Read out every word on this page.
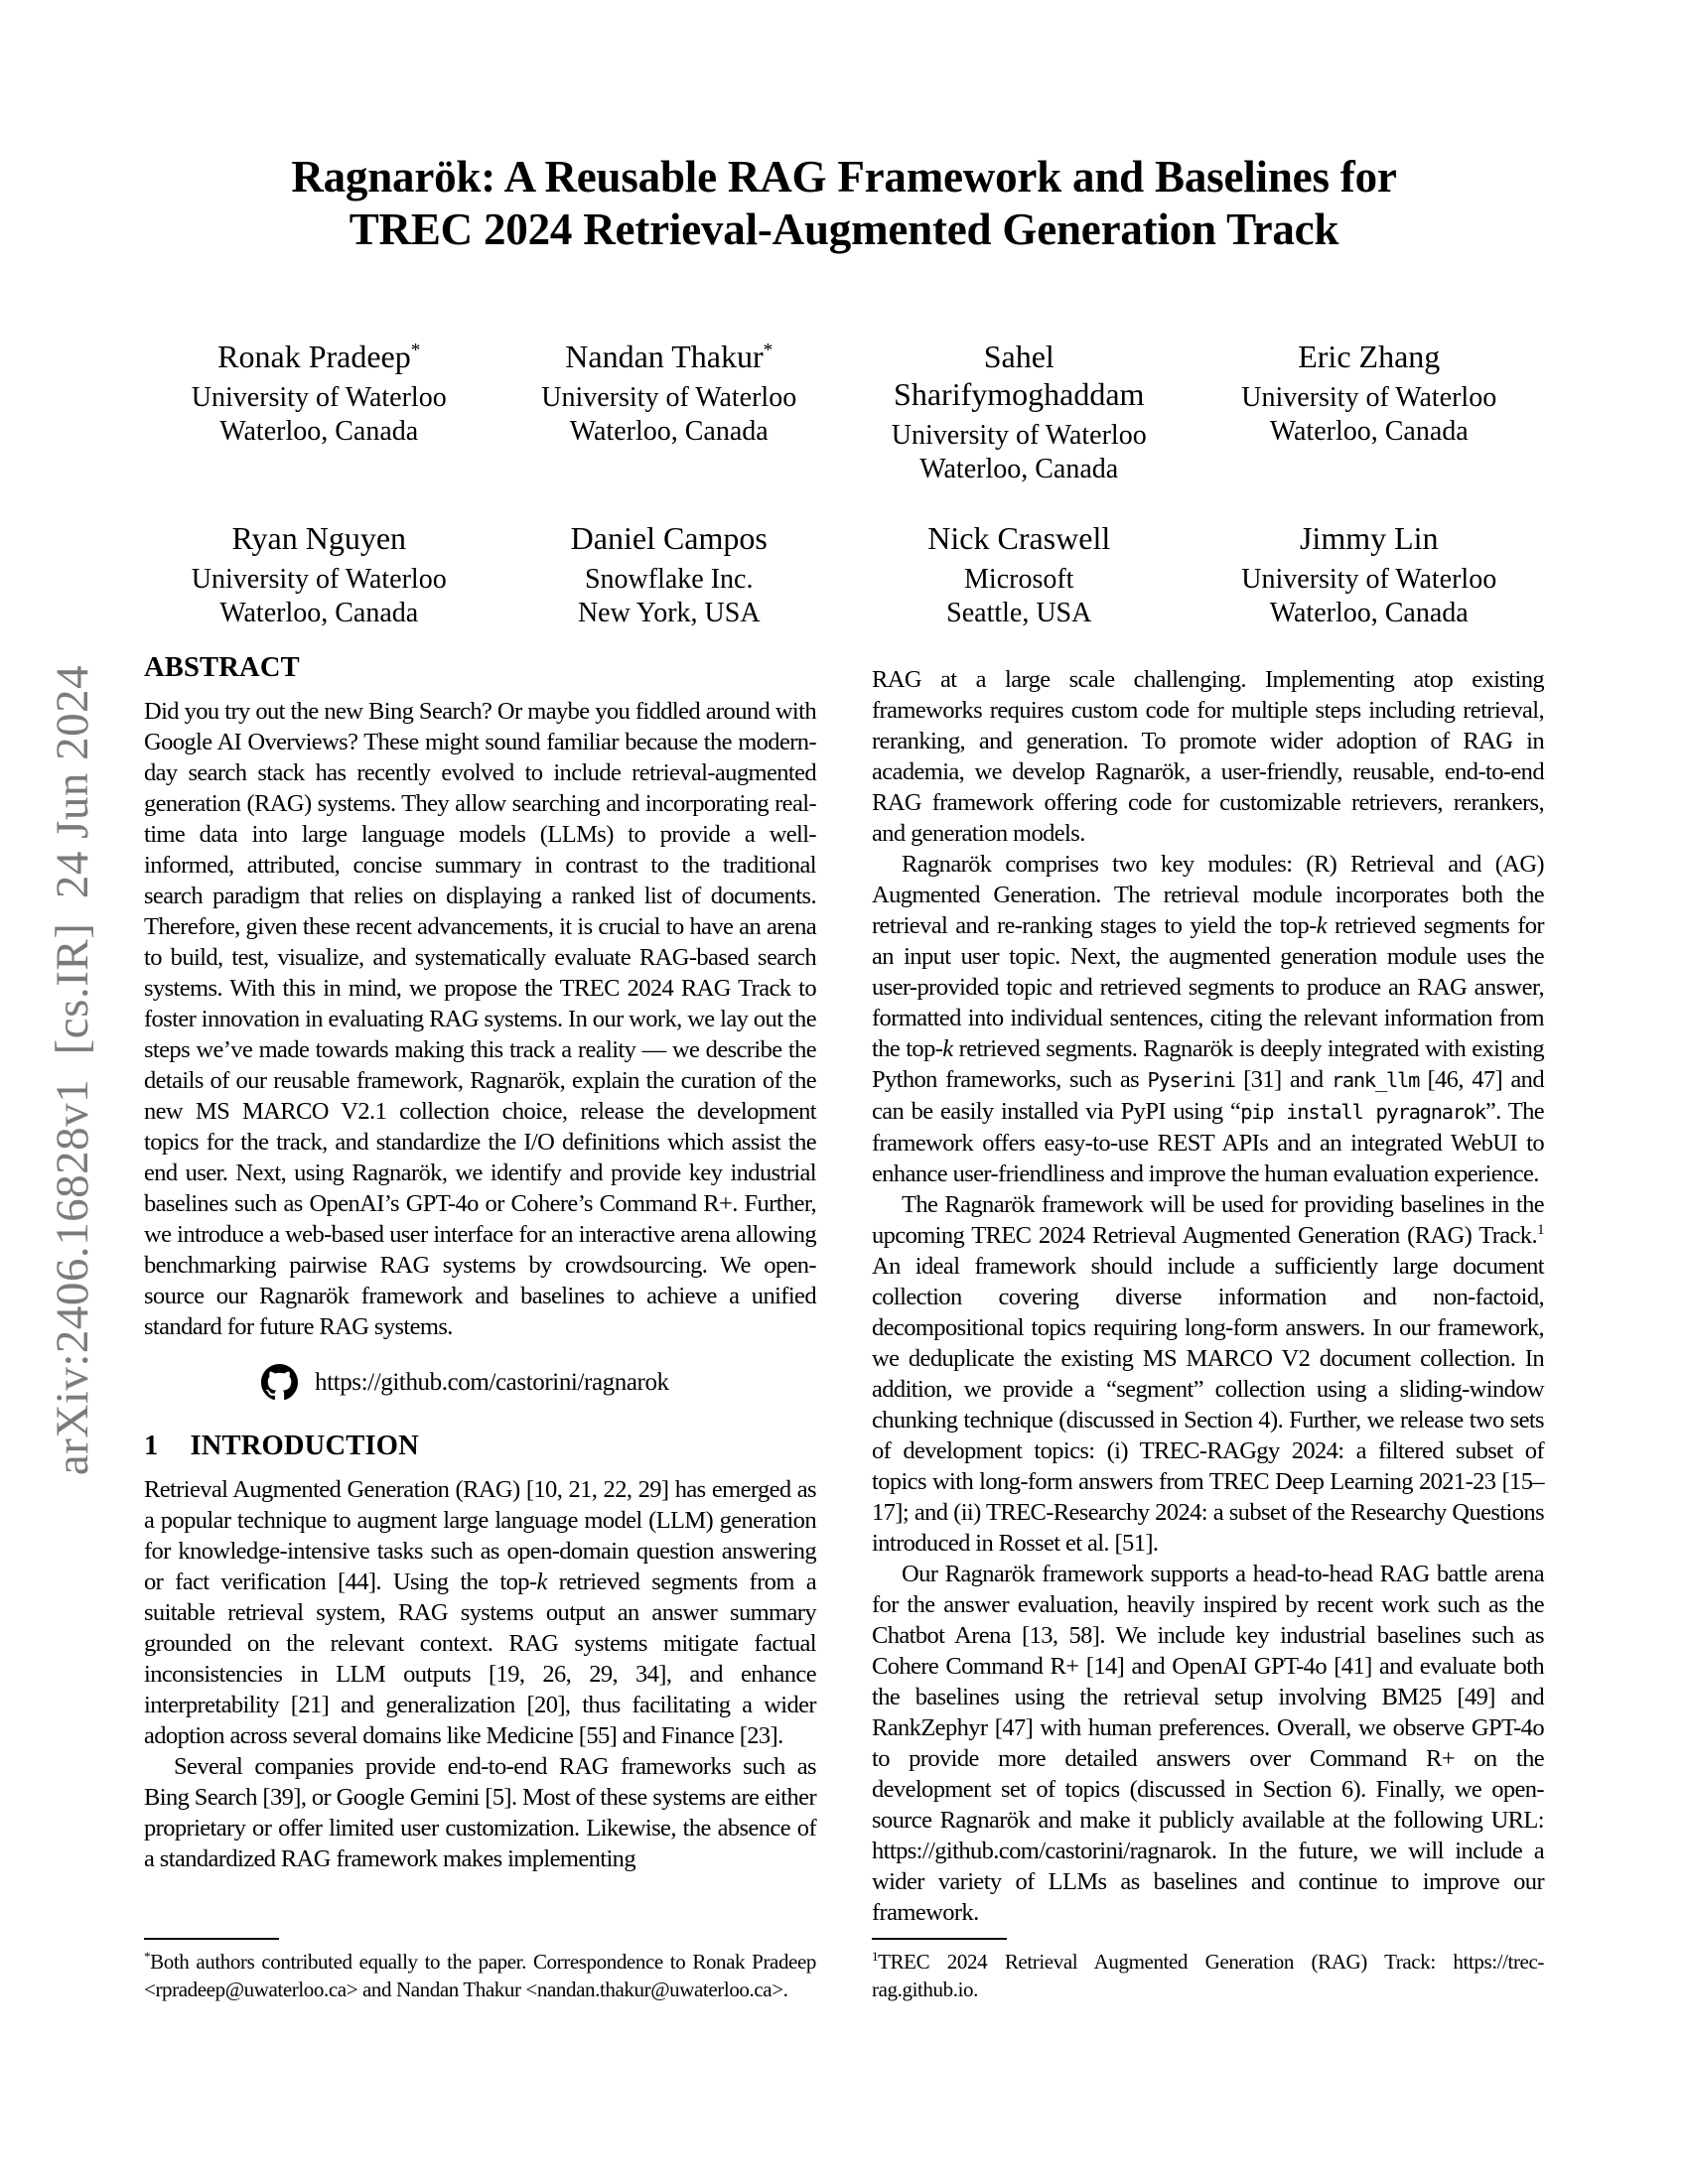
arXiv:2406.16828v1  [cs.IR]  24 Jun 2024
Ragnarök: A Reusable RAG Framework and Baselines for
TREC 2024 Retrieval-Augmented Generation Track
Ronak Pradeep*
University of Waterloo
Waterloo, Canada
Nandan Thakur*
University of Waterloo
Waterloo, Canada
Sahel Sharifymoghaddam
University of Waterloo
Waterloo, Canada
Eric Zhang
University of Waterloo
Waterloo, Canada
Ryan Nguyen
University of Waterloo
Waterloo, Canada
Daniel Campos
Snowflake Inc.
New York, USA
Nick Craswell
Microsoft
Seattle, USA
Jimmy Lin
University of Waterloo
Waterloo, Canada
ABSTRACT

Did you try out the new Bing Search? Or maybe you fiddled around with Google AI Overviews? These might sound familiar because the modern-day search stack has recently evolved to include retrieval-augmented generation (RAG) systems. They allow searching and incorporating real-time data into large language models (LLMs) to provide a well-informed, attributed, concise summary in contrast to the traditional search paradigm that relies on displaying a ranked list of documents. Therefore, given these recent advancements, it is crucial to have an arena to build, test, visualize, and systematically evaluate RAG-based search systems. With this in mind, we propose the TREC 2024 RAG Track to foster innovation in evaluating RAG systems. In our work, we lay out the steps we’ve made towards making this track a reality — we describe the details of our reusable framework, Ragnarök, explain the curation of the new MS MARCO V2.1 collection choice, release the development topics for the track, and standardize the I/O definitions which assist the end user. Next, using Ragnarök, we identify and provide key industrial baselines such as OpenAI’s GPT-4o or Cohere’s Command R+. Further, we introduce a web-based user interface for an interactive arena allowing benchmarking pairwise RAG systems by crowdsourcing. We open-source our Ragnarök framework and baselines to achieve a unified standard for future RAG systems.

https://github.com/castorini/ragnarok
1 INTRODUCTION

Retrieval Augmented Generation (RAG) [10, 21, 22, 29] has emerged as a popular technique to augment large language model (LLM) generation for knowledge-intensive tasks such as open-domain question answering or fact verification [44]. Using the top-k retrieved segments from a suitable retrieval system, RAG systems output an answer summary grounded on the relevant context. RAG systems mitigate factual inconsistencies in LLM outputs [19, 26, 29, 34], and enhance interpretability [21] and generalization [20], thus facilitating a wider adoption across several domains like Medicine [55] and Finance [23].

Several companies provide end-to-end RAG frameworks such as Bing Search [39], or Google Gemini [5]. Most of these systems are either proprietary or offer limited user customization. Likewise, the absence of a standardized RAG framework makes implementing

*Both authors contributed equally to the paper. Correspondence to Ronak Pradeep <rpradeep@uwaterloo.ca> and Nandan Thakur <nandan.thakur@uwaterloo.ca>.

RAG at a large scale challenging. Implementing atop existing frameworks requires custom code for multiple steps including retrieval, reranking, and generation. To promote wider adoption of RAG in academia, we develop Ragnarök, a user-friendly, reusable, end-to-end RAG framework offering code for customizable retrievers, rerankers, and generation models.

Ragnarök comprises two key modules: (R) Retrieval and (AG) Augmented Generation. The retrieval module incorporates both the retrieval and re-ranking stages to yield the top-k retrieved segments for an input user topic. Next, the augmented generation module uses the user-provided topic and retrieved segments to produce an RAG answer, formatted into individual sentences, citing the relevant information from the top-k retrieved segments. Ragnarök is deeply integrated with existing Python frameworks, such as Pyserini [31] and rank_llm [46, 47] and can be easily installed via PyPI using “pip install pyragnarok”. The framework offers easy-to-use REST APIs and an integrated WebUI to enhance user-friendliness and improve the human evaluation experience.

The Ragnarök framework will be used for providing baselines in the upcoming TREC 2024 Retrieval Augmented Generation (RAG) Track.$^1$ An ideal framework should include a sufficiently large document collection covering diverse information and non-factoid, decompositional topics requiring long-form answers. In our framework, we deduplicate the existing MS MARCO V2 document collection. In addition, we provide a “segment” collection using a sliding-window chunking technique (discussed in Section 4). Further, we release two sets of development topics: (i) TREC-RAGgy 2024: a filtered subset of topics with long-form answers from TREC Deep Learning 2021-23 [15–17]; and (ii) TREC-Researchy 2024: a subset of the Researchy Questions introduced in Rosset et al. [51].

Our Ragnarök framework supports a head-to-head RAG battle arena for the answer evaluation, heavily inspired by recent work such as the Chatbot Arena [13, 58]. We include key industrial baselines such as Cohere Command R+ [14] and OpenAI GPT-4o [41] and evaluate both the baselines using the retrieval setup involving BM25 [49] and RankZephyr [47] with human preferences. Overall, we observe GPT-4o to provide more detailed answers over Command R+ on the development set of topics (discussed in Section 6). Finally, we open-source Ragnarök and make it publicly available at the following URL: https://github.com/castorini/ragnarok. In the future, we will include a wider variety of LLMs as baselines and continue to improve our framework.

$^1$TREC 2024 Retrieval Augmented Generation (RAG) Track: https://trec-rag.github.io.
